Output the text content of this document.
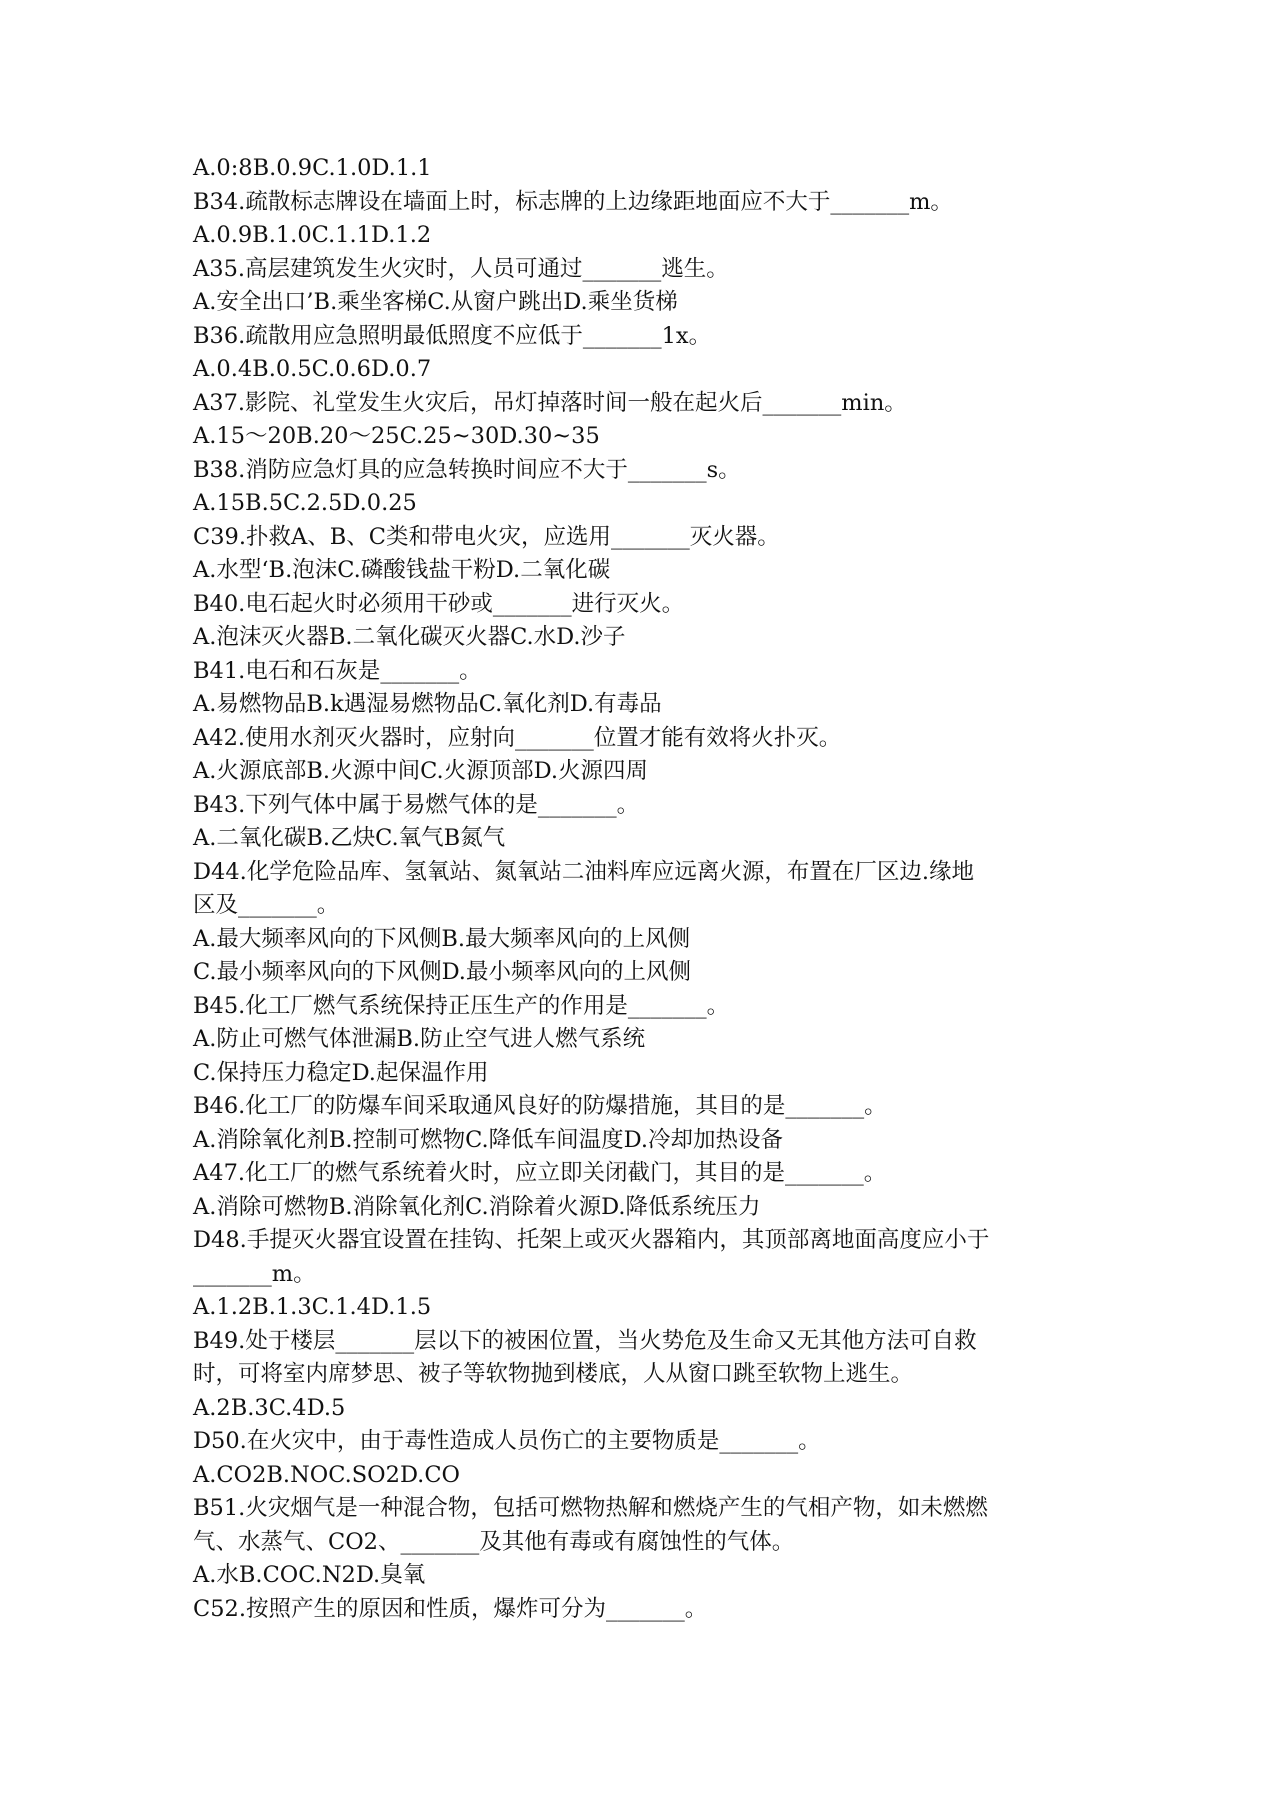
A.0:8B.0.9C.1.0D.1.1
B34.疏散标志牌设在墙面上时，标志牌的上边缘距地面应不大于_______m。
A.0.9B.1.0C.1.1D.1.2
A35.高层建筑发生火灾时，人员可通过_______逃生。
A.安全出口’B.乘坐客梯C.从窗户跳出D.乘坐货梯
B36.疏散用应急照明最低照度不应低于_______1x。
A.0.4B.0.5C.0.6D.0.7
A37.影院、礼堂发生火灾后，吊灯掉落时间一般在起火后_______min。
A.15～20B.20～25C.25~30D.30~35
B38.消防应急灯具的应急转换时间应不大于_______s。
A.15B.5C.2.5D.0.25
C39.扑救A、B、C类和带电火灾，应选用_______灭火器。
A.水型‘B.泡沫C.磷酸钱盐干粉D.二氧化碳
B40.电石起火时必须用干砂或_______进行灭火。
A.泡沫灭火器B.二氧化碳灭火器C.水D.沙子
B41.电石和石灰是_______。
A.易燃物品B.k遇湿易燃物品C.氧化剂D.有毒品
A42.使用水剂灭火器时，应射向_______位置才能有效将火扑灭。
A.火源底部B.火源中间C.火源顶部D.火源四周
B43.下列气体中属于易燃气体的是_______。
A.二氧化碳B.乙炔C.氧气B氮气
D44.化学危险品库、氢氧站、氮氧站二油料库应远离火源，布置在厂区边.缘地
区及_______。
A.最大频率风向的下风侧B.最大频率风向的上风侧
C.最小频率风向的下风侧D.最小频率风向的上风侧
B45.化工厂燃气系统保持正压生产的作用是_______。
A.防止可燃气体泄漏B.防止空气进人燃气系统
C.保持压力稳定D.起保温作用
B46.化工厂的防爆车间采取通风良好的防爆措施，其目的是_______。
A.消除氧化剂B.控制可燃物C.降低车间温度D.冷却加热设备
A47.化工厂的燃气系统着火时，应立即关闭截门，其目的是_______。
A.消除可燃物B.消除氧化剂C.消除着火源D.降低系统压力
D48.手提灭火器宜设置在挂钩、托架上或灭火器箱内，其顶部离地面高度应小于
_______m。
A.1.2B.1.3C.1.4D.1.5
B49.处于楼层_______层以下的被困位置，当火势危及生命又无其他方法可自救
时，可将室内席梦思、被子等软物抛到楼底，人从窗口跳至软物上逃生。
A.2B.3C.4D.5
D50.在火灾中，由于毒性造成人员伤亡的主要物质是_______。
A.CO2B.NOC.SO2D.CO
B51.火灾烟气是一种混合物，包括可燃物热解和燃烧产生的气相产物，如未燃燃
气、水蒸气、CO2、_______及其他有毒或有腐蚀性的气体。
A.水B.COC.N2D.臭氧
C52.按照产生的原因和性质，爆炸可分为_______。
